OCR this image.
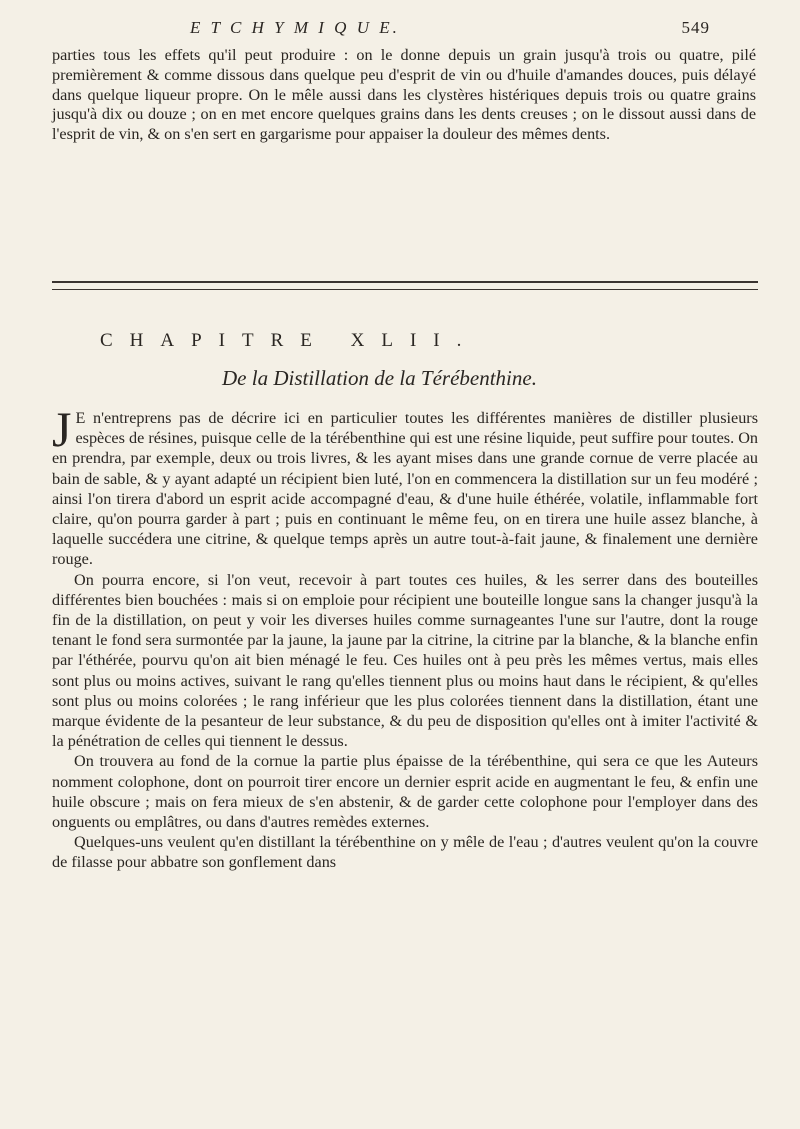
E T C H Y M I Q U E.	549
parties tous les effets qu'il peut produire : on le donne depuis un grain jusqu'à trois ou quatre, pilé premièrement & comme dissous dans quelque peu d'esprit de vin ou d'huile d'amandes douces, puis délayé dans quelque liqueur propre. On le mêle aussi dans les clystères histériques depuis trois ou quatre grains jusqu'à dix ou douze ; on en met encore quelques grains dans les dents creuses ; on le dissout aussi dans de l'esprit de vin, & on s'en sert en gargarisme pour appaiser la douleur des mêmes dents.
CHAPITRE XLII.
De la Distillation de la Térébenthine.

J E n'entreprens pas de décrire ici en particulier toutes les différentes manières de distiller plusieurs espèces de résines, puisque celle de la térébenthine qui est une résine liquide, peut suffire pour toutes. On en prendra, par exemple, deux ou trois livres, & les ayant mises dans une grande cornue de verre placée au bain de sable, & y ayant adapté un récipient bien luté, l'on en commencera la distillation sur un feu modéré ; ainsi l'on tirera d'abord un esprit acide accompagné d'eau, & d'une huile éthérée, volatile, inflammable fort claire, qu'on pourra garder à part ; puis en continuant le même feu, on en tirera une huile assez blanche, à laquelle succédera une citrine, & quelque temps après un autre tout-à-fait jaune, & finalement une dernière rouge.

On pourra encore, si l'on veut, recevoir à part toutes ces huiles, & les serrer dans des bouteilles différentes bien bouchées : mais si on emploie pour récipient une bouteille longue sans la changer jusqu'à la fin de la distillation, on peut y voir les diverses huiles comme surnageantes l'une sur l'autre, dont la rouge tenant le fond sera surmontée par la jaune, la jaune par la citrine, la citrine par la blanche, & la blanche enfin par l'éthérée, pourvu qu'on ait bien ménagé le feu. Ces huiles ont à peu près les mêmes vertus, mais elles sont plus ou moins actives, suivant le rang qu'elles tiennent plus ou moins haut dans le récipient, & qu'elles sont plus ou moins colorées ; le rang inférieur que les plus colorées tiennent dans la distillation, étant une marque évidente de la pesanteur de leur substance, & du peu de disposition qu'elles ont à imiter l'activité & la pénétration de celles qui tiennent le dessus.

On trouvera au fond de la cornue la partie plus épaisse de la térébenthine, qui sera ce que les Auteurs nomment colophone, dont on pourroit tirer encore un dernier esprit acide en augmentant le feu, & enfin une huile obscure ; mais on fera mieux de s'en abstenir, & de garder cette colophone pour l'employer dans des onguents ou emplâtres, ou dans d'autres remèdes externes.

Quelques-uns veulent qu'en distillant la térébenthine on y mêle de l'eau ; d'autres veulent qu'on la couvre de filasse pour abbatre son gonflement dans
